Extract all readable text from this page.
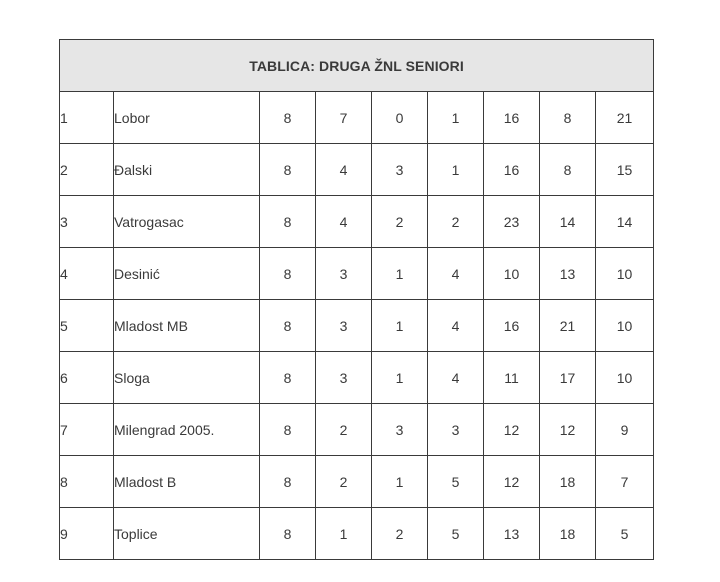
TABLICA: DRUGA ŽNL SENIORI								
1	Lobor	8	7	0	1	16	8	21
2	Đalski	8	4	3	1	16	8	15
3	Vatrogasac	8	4	2	2	23	14	14
4	Desinić	8	3	1	4	10	13	10
5	Mladost MB	8	3	1	4	16	21	10
6	Sloga	8	3	1	4	11	17	10
7	Milengrad 2005.	8	2	3	3	12	12	9
8	Mladost B	8	2	1	5	12	18	7
9	Toplice	8	1	2	5	13	18	5
